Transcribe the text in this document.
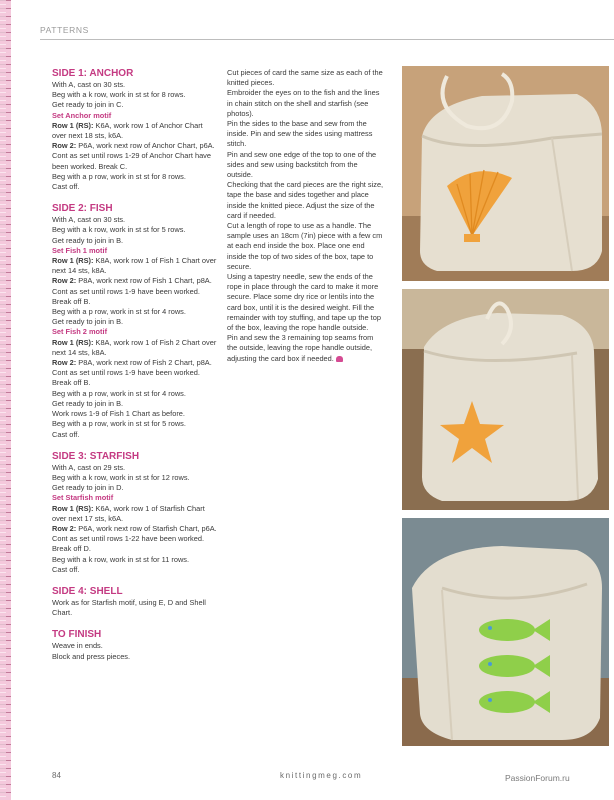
PATTERNS

SIDE 1: ANCHOR

With A, cast on 30 sts.

Beg with a k row, work in st st for 8 rows.

Get ready to join in C.

Set Anchor motif

Row 1 (RS): K6A, work row 1 of Anchor Chart over next 18 sts, k6A.

Row 2: P6A, work next row of Anchor Chart, p6A.

Cont as set until rows 1-29 of Anchor Chart have been worked. Break C.

Beg with a p row, work in st st for 8 rows.

Cast off.

SIDE 2: FISH

With A, cast on 30 sts.

Beg with a k row, work in st st for 5 rows.

Get ready to join in B.

Set Fish 1 motif

Row 1 (RS): K8A, work row 1 of Fish 1 Chart over next 14 sts, k8A.

Row 2: P8A, work next row of Fish 1 Chart, p8A.

Cont as set until rows 1-9 have been worked. Break off B.

Beg with a p row, work in st st for 4 rows.

Get ready to join in B.

Set Fish 2 motif

Row 1 (RS): K8A, work row 1 of Fish 2 Chart over next 14 sts, k8A.

Row 2: P8A, work next row of Fish 2 Chart, p8A.

Cont as set until rows 1-9 have been worked. Break off B.

Beg with a p row, work in st st for 4 rows.

Get ready to join in B.

Work rows 1-9 of Fish 1 Chart as before.

Beg with a p row, work in st st for 5 rows.

Cast off.

SIDE 3: STARFISH

With A, cast on 29 sts.

Beg with a k row, work in st st for 12 rows.

Get ready to join in D.

Set Starfish motif

Row 1 (RS): K6A, work row 1 of Starfish Chart over next 17 sts, k6A.

Row 2: P6A, work next row of Starfish Chart, p6A.

Cont as set until rows 1-22 have been worked. Break off D.

Beg with a k row, work in st st for 11 rows.

Cast off.

SIDE 4: SHELL

Work as for Starfish motif, using E, D and Shell Chart.

TO FINISH

Weave in ends.

Block and press pieces.

Cut pieces of card the same size as each of the knitted pieces.

Embroider the eyes on to the fish and the lines in chain stitch on the shell and starfish (see photos).

Pin the sides to the base and sew from the inside. Pin and sew the sides using mattress stitch.

Pin and sew one edge of the top to one of the sides and sew using backstitch from the outside.

Checking that the card pieces are the right size, tape the base and sides together and place inside the knitted piece. Adjust the size of the card if needed.

Cut a length of rope to use as a handle. The sample uses an 18cm (7in) piece with a few cm at each end inside the box. Place one end inside the top of two sides of the box, tape to secure.

Using a tapestry needle, sew the ends of the rope in place through the card to make it more secure. Place some dry rice or lentils into the card box, until it is the desired weight. Fill the remainder with toy stuffing, and tape up the top of the box, leaving the rope handle outside.

Pin and sew the 3 remaining top seams from the outside, leaving the rope handle outside, adjusting the card box if needed.

84	knittingmeg.com	PassionForum.ru
